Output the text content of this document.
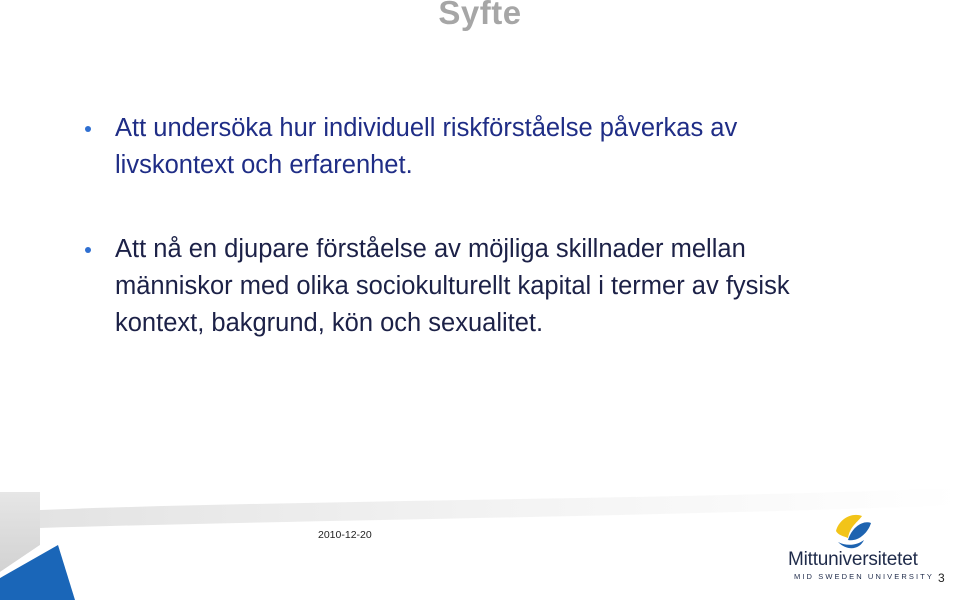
Syfte
Att undersöka hur individuell riskförståelse påverkas av livskontext och erfarenhet.
Att nå en djupare förståelse av möjliga skillnader mellan människor med olika sociokulturellt kapital i termer av fysisk kontext, bakgrund, kön och sexualitet.
2010-12-20
Mittuniversitetet
MID SWEDEN UNIVERSITY 3
